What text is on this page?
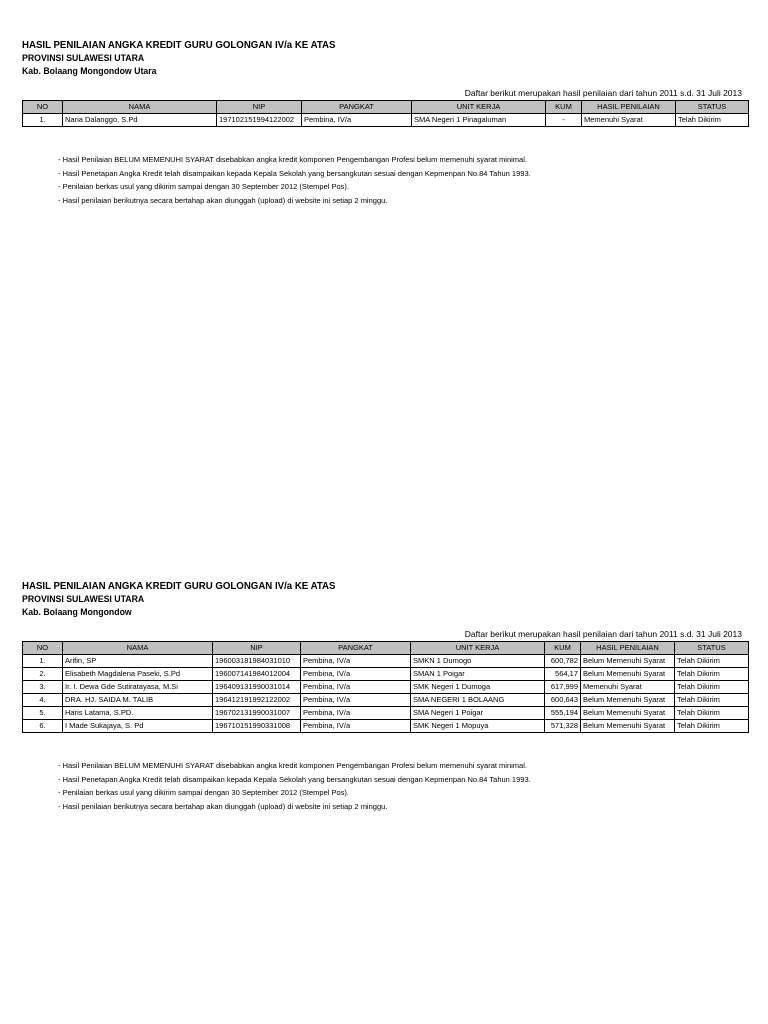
HASIL PENILAIAN ANGKA KREDIT GURU GOLONGAN IV/a KE ATAS

PROVINSI SULAWESI UTARA

Kab. Bolaang Mongondow Utara

Daftar berikut merupakan hasil penilaian dari tahun 2011 s.d. 31 Juli 2013
NO	NAMA	NIP	PANGKAT	UNIT KERJA	KUM	HASIL PENILAIAN	STATUS
1.	Naria Dalanggo, S.Pd	197102151994122002	Pembina, IV/a	SMA Negeri 1 Pinagaluman	-	Memenuhi Syarat	Telah Dikirim
- Hasil Penilaian BELUM MEMENUHI SYARAT disebabkan angka kredit komponen Pengembangan Profesi belum memenuhi syarat minimal.
- Hasil Penetapan Angka Kredit telah disampaikan kepada Kepala Sekolah yang bersangkutan sesuai dengan Kepmenpan No.84 Tahun 1993.
- Penilaian berkas usul yang dikirim sampai dengan 30 September 2012 (Stempel Pos).
- Hasil penilaian berikutnya secara bertahap akan diunggah (upload) di website ini setiap 2 minggu.

HASIL PENILAIAN ANGKA KREDIT GURU GOLONGAN IV/a KE ATAS

PROVINSI SULAWESI UTARA

Kab. Bolaang Mongondow

Daftar berikut merupakan hasil penilaian dari tahun 2011 s.d. 31 Juli 2013
NO	NAMA	NIP	PANGKAT	UNIT KERJA	KUM	HASIL PENILAIAN	STATUS
1.	Arifin, SP	196003181984031010	Pembina, IV/a	SMKN 1 Dumogo	600,782	Belum Memenuhi Syarat	Telah Dikirim
2.	Elisabeth Magdalena Paseki, S.Pd	196007141984012004	Pembina, IV/a	SMAN 1 Poigar	564,17	Belum Memenuhi Syarat	Telah Dikirim
3.	Ir. I. Dewa Gde Sutiratayasa, M.Si	196409131990031014	Pembina, IV/a	SMK Negeri 1 Dumoga	617,999	Memenuhi Syarat	Telah Dikirim
4.	DRA. HJ. SAIDA M. TALIB	196412191992122002	Pembina, IV/a	SMA NEGERI 1 BOLAANG	600,643	Belum Memenuhi Syarat	Telah Dikirim
5.	Haris Latama, S.PD.	196702131990031007	Pembina, IV/a	SMA Negeri 1 Poigar	555,194	Belum Memenuhi Syarat	Telah Dikirim
6.	I Made Sukajaya, S. Pd	196710151990331008	Pembina, IV/a	SMK Negeri 1 Mopuya	571,328	Belum Memenuhi Syarat	Telah Dikirim
- Hasil Penilaian BELUM MEMENUHI SYARAT disebabkan angka kredit komponen Pengembangan Profesi belum memenuhi syarat minimal.
- Hasil Penetapan Angka Kredit telah disampaikan kepada Kepala Sekolah yang bersangkutan sesuai dengan Kepmenpan No.84 Tahun 1993.
- Penilaian berkas usul yang dikirim sampai dengan 30 September 2012 (Stempel Pos).
- Hasil penilaian berikutnya secara bertahap akan diunggah (upload) di website ini setiap 2 minggu.
